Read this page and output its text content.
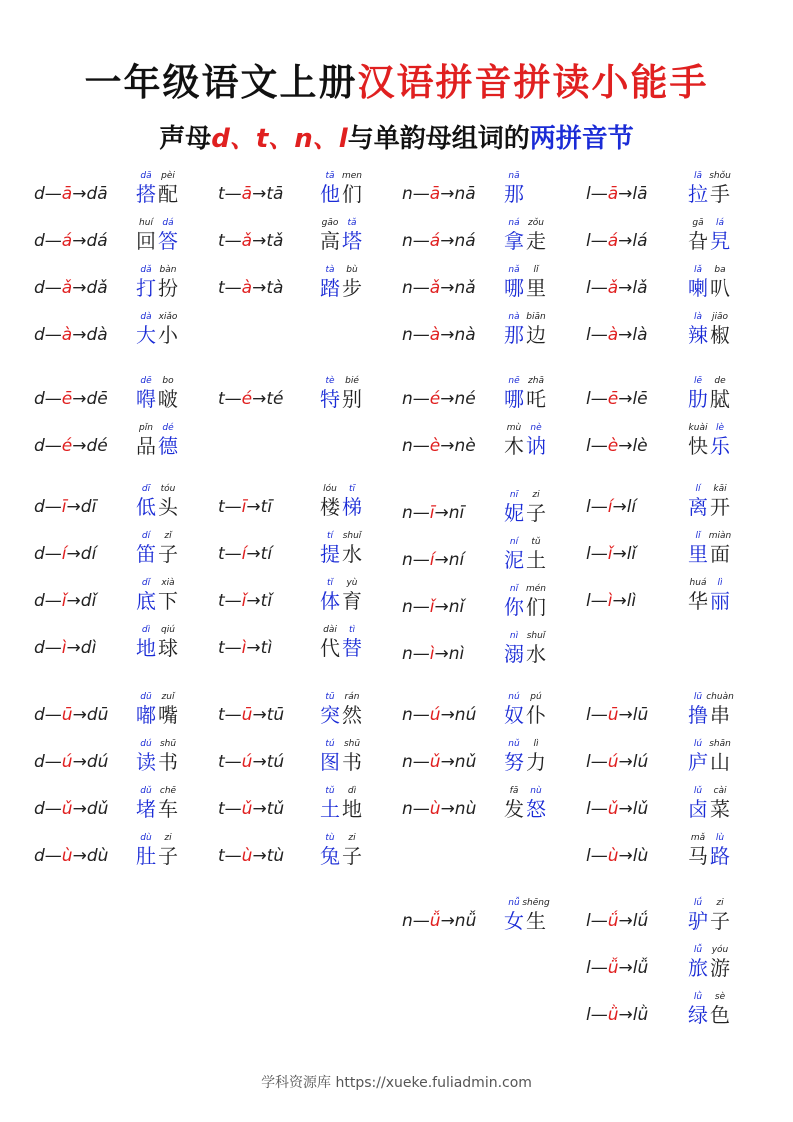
一年级语文上册汉语拼音拼读小能手
声母d、t、n、l与单韵母组词的两拼音节
d—ā→dā
dā
搭
pèi
配
d—á→dá
huí
回
dá
答
d—ǎ→dǎ
dǎ
打
bàn
扮
d—à→dà
dà
大
xiǎo
小
d—ē→dē
dē
嘚
bo
啵
d—é→dé
pǐn
品
dé
德
d—ī→dī
dī
低
tóu
头
d—í→dí
dí
笛
zǐ
子
d—ǐ→dǐ
dǐ
底
xià
下
d—ì→dì
dì
地
qiú
球
d—ū→dū
dū
嘟
zuǐ
嘴
d—ú→dú
dú
读
shū
书
d—ǔ→dǔ
dǔ
堵
chē
车
d—ù→dù
dù
肚
zi
子
t—ā→tā
tā
他
men
们
t—ǎ→tǎ
gāo
高
tǎ
塔
t—à→tà
tà
踏
bù
步
t—é→té
tè
特
bié
别
t—ī→tī
lóu
楼
tī
梯
t—í→tí
tí
提
shuǐ
水
t—ǐ→tǐ
tǐ
体
yù
育
t—ì→tì
dài
代
tì
替
t—ū→tū
tū
突
rán
然
t—ú→tú
tú
图
shū
书
t—ǔ→tǔ
tǔ
土
dì
地
t—ù→tù
tù
兔
zi
子
n—ā→nā
nā
那
n—á→ná
ná
拿
zǒu
走
n—ǎ→nǎ
nǎ
哪
lǐ
里
n—à→nà
nà
那
biān
边
n—é→né
nē
哪
zhā
吒
n—è→nè
mù
木
nè
讷
n—ī→nī
nī
妮
zi
子
n—í→ní
ní
泥
tǔ
土
n—ǐ→nǐ
nǐ
你
mén
们
n—ì→nì
nì
溺
shuǐ
水
n—ú→nú
nú
奴
pú
仆
n—ǔ→nǔ
nǔ
努
lì
力
n—ù→nù
fā
发
nù
怒
n—ǚ→nǚ
nǚ
女
shēng
生
l—ā→lā
lā
拉
shǒu
手
l—á→lá
gā
旮
lá
旯
l—ǎ→lǎ
lǎ
喇
ba
叭
l—à→là
là
辣
jiāo
椒
l—ē→lē
lē
肋
de
脦
l—è→lè
kuài
快
lè
乐
l—í→lí
lí
离
kāi
开
l—ǐ→lǐ
lǐ
里
miàn
面
l—ì→lì
huá
华
lì
丽
l—ū→lū
lū
撸
chuàn
串
l—ú→lú
lú
庐
shān
山
l—ǔ→lǔ
lǔ
卤
cài
菜
l—ù→lù
mǎ
马
lù
路
l—ǘ→lǘ
lǘ
驴
zi
子
l—ǚ→lǚ
lǚ
旅
yóu
游
l—ǜ→lǜ
lǜ
绿
sè
色
学科资源库 https://xueke.fuliadmin.com
